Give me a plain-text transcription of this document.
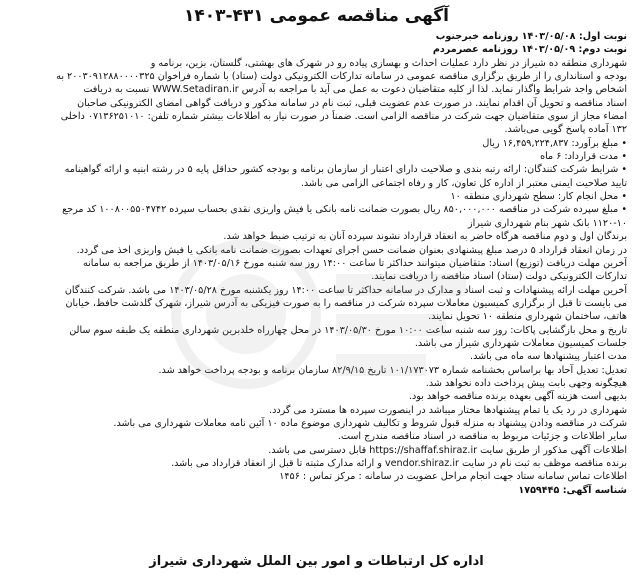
آگهی مناقصه عمومی ۴۳۱-۱۴۰۳
نوبت اول: ۱۴۰۳/۰۵/۰۸ روزنامه خبرجنوب
نوبت دوم: ۱۴۰۳/۰۵/۰۹ روزنامه عصرمردم
شهرداری منطقه ده شیراز در نظر دارد عملیات احداث و بهسازی پیاده رو در شهرک های بهشتی، گلستان، بزین، برنامه و
بودجه و استانداری را از طریق برگزاری مناقصه عمومی در سامانه تدارکات الکترونیکی دولت (ستاد) با شماره فراخوان ۲۰۰۳۰۹۱۲۸۸۰۰۰۰۳۲۵ به
اشخاص واجد شرایط واگذار نماید. لذا از کلیه متقاضیان دعوت به عمل می آید با مراجعه به آدرس WWW.Setadiran.ir نسبت به دریافت
اسناد مناقصه و تحویل آن اقدام نمایند. در صورت عدم عضویت قبلی، ثبت نام در سامانه مذکور و دریافت گواهی امضای الکترونیکی صاحبان
امضاء مجاز از سوی متقاضیان جهت شرکت در مناقصه الزامی است. ضمناً در صورت نیاز به اطلاعات بیشتر شماره تلفن: ۰۷۱۳۶۲۵۱۰۱۰ داخلی
۱۳۲ آماده پاسخ گویی می‌باشد.
• مبلغ برآورد: ۱۶,۴۵۹,۲۲۴,۸۳۷ ریال
• مدت قرارداد: ۶ ماه
• شرایط شرکت کنندگان: ارائه رتبه بندی و صلاحیت دارای اعتبار از سازمان برنامه و بودجه کشور حداقل پایه ۵ در رشته ابنیه و ارائه گواهینامه
تایید صلاحیت ایمنی معتبر از اداره کل تعاون، کار و رفاه اجتماعی الزامی می باشد.
• محل انجام کار: سطح شهرداری منطقه ۱۰
• مبلغ سپرده شرکت در مناقصه ۸۵۰,۰۰۰,۰۰۰ ریال بصورت ضمانت نامه بانکی یا فیش واریزی نقدی بحساب سپرده ۱۰۰۸۰۰۵۵۰۴۷۴۲ کد مرجع
۱۱۲۰-۱۰ بانک شهر بنام شهرداری شیراز
برندگان اول و دوم مناقصه هرگاه حاضر به انعقاد قرارداد نشوند سپرده آنان به ترتیب ضبط خواهد شد.
در زمان انعقاد قرارداد ۵ درصد مبلغ پیشنهادی بعنوان ضمانت حسن اجرای تعهدات بصورت ضمانت نامه بانکی یا فیش واریزی اخذ می گردد.
آخرین مهلت دریافت (توزیع) اسناد: متقاضیان میتوانند حداکثر تا ساعت ۱۴:۰۰ روز سه شنبه مورخ ۱۴۰۳/۰۵/۱۶ از طریق مراجعه به سامانه
تدارکات الکترونیکی دولت (ستاد) اسناد مناقصه را دریافت نمایند.
آخرین مهلت ارائه پیشنهادات و ثبت اسناد و مدارک در سامانه حداکثر تا ساعت ۱۴:۰۰ روز یکشنبه مورخ ۱۴۰۳/۰۵/۲۸ می باشد. شرکت کنندگان
می بایست تا قبل از برگزاری کمیسیون معاملات سپرده شرکت در مناقصه را به صورت فیزیکی به آدرس شیراز، شهرک گلدشت حافظ، خیابان
هاتف، ساختمان شهرداری منطقه ۱۰ تحویل نمایند.
تاریخ و محل بازگشایی پاکات: روز سه شنبه ساعت ۱۰:۰۰ مورخ ۱۴۰۳/۰۵/۳۰ در محل چهارراه خلدبرین شهرداری منطقه یک طبقه سوم سالن
جلسات کمیسیون معاملات شهرداری شیراز می باشد.
مدت اعتبار پیشنهادها سه ماه می باشد.
تعدیل: تعدیل آحاد بها براساس بخشنامه شماره ۱۰۱/۱۷۳۰۷۳ تاریخ ۸۲/۹/۱۵ سازمان برنامه و بودجه پرداخت خواهد شد.
هیچگونه وجهی بابت پیش پرداخت داده نخواهد شد.
بدیهی است هزینه آگهی بعهده برنده مناقصه خواهد بود.
شهرداری در رد یک یا تمام پیشنهادها مختار میباشد در اینصورت سپرده ها مسترد می گردد.
شرکت در مناقصه ودادن پیشنهاد به منزله قبول شروط و تکالیف شهرداری موضوع ماده ۱۰ آئین نامه معاملات شهرداری می باشد.
سایر اطلاعات و جزئیات مربوط به مناقصه در اسناد مناقصه مندرج است.
اطلاعات آگهی مذکور از طریق سایت https://shaffaf.shiraz.ir قابل دسترسی می باشد.
برنده مناقصه موظف به ثبت نام در سایت vendor.shiraz.ir و ارائه مدارک مثبته تا قبل از انعقاد قرارداد می باشد.
اطلاعات تماس سامانه ستاد جهت انجام مراحل عضویت در سامانه : مرکز تماس : ۱۴۵۶
شناسه آگهی: ۱۷۵۹۴۴۵
اداره کل ارتباطات و امور بین الملل شهرداری شیراز
